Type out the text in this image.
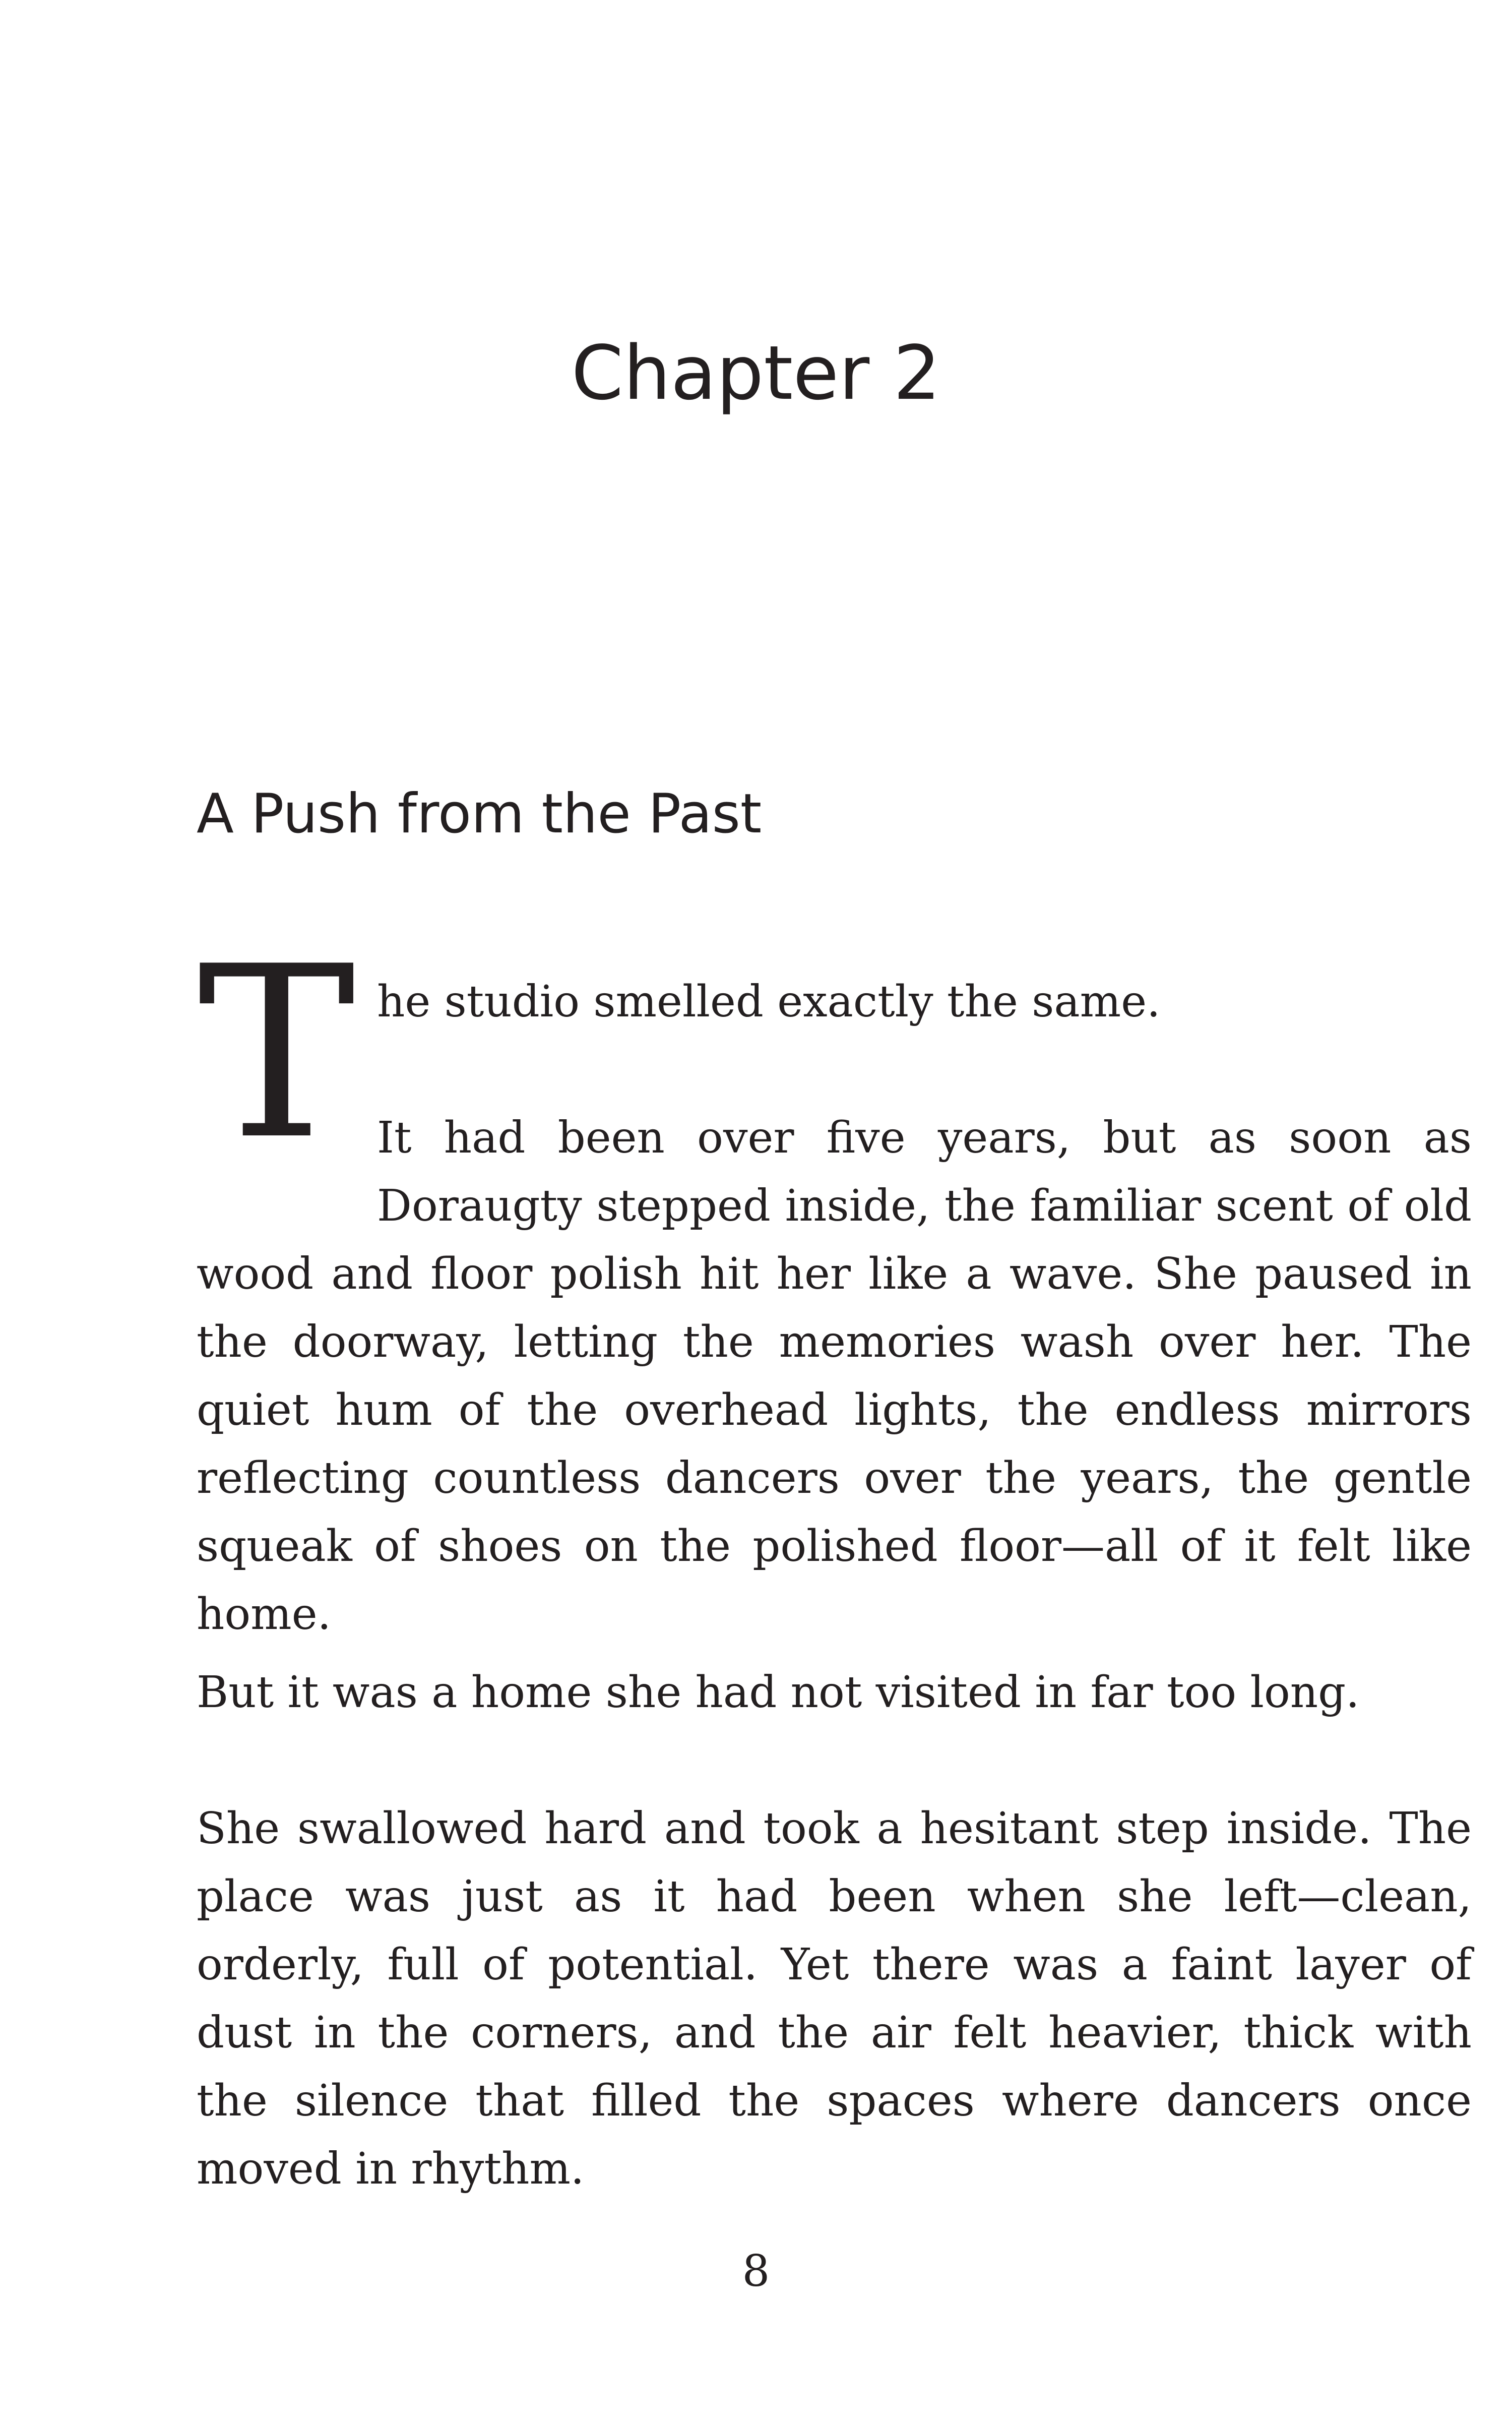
Chapter 2
A Push from the Past
T he studio smelled exactly the same.

It had been over five years, but as soon as Doraugty stepped inside, the familiar scent of old wood and floor polish hit her like a wave. She paused in the doorway, letting the memories wash over her. The quiet hum of the overhead lights, the endless mirrors reflecting countless dancers over the years, the gentle squeak of shoes on the polished floor—all of it felt like home.

But it was a home she had not visited in far too long.

She swallowed hard and took a hesitant step inside. The place was just as it had been when she left—clean, orderly, full of potential. Yet there was a faint layer of dust in the corners, and the air felt heavier, thick with the silence that filled the spaces where dancers once moved in rhythm.

8
